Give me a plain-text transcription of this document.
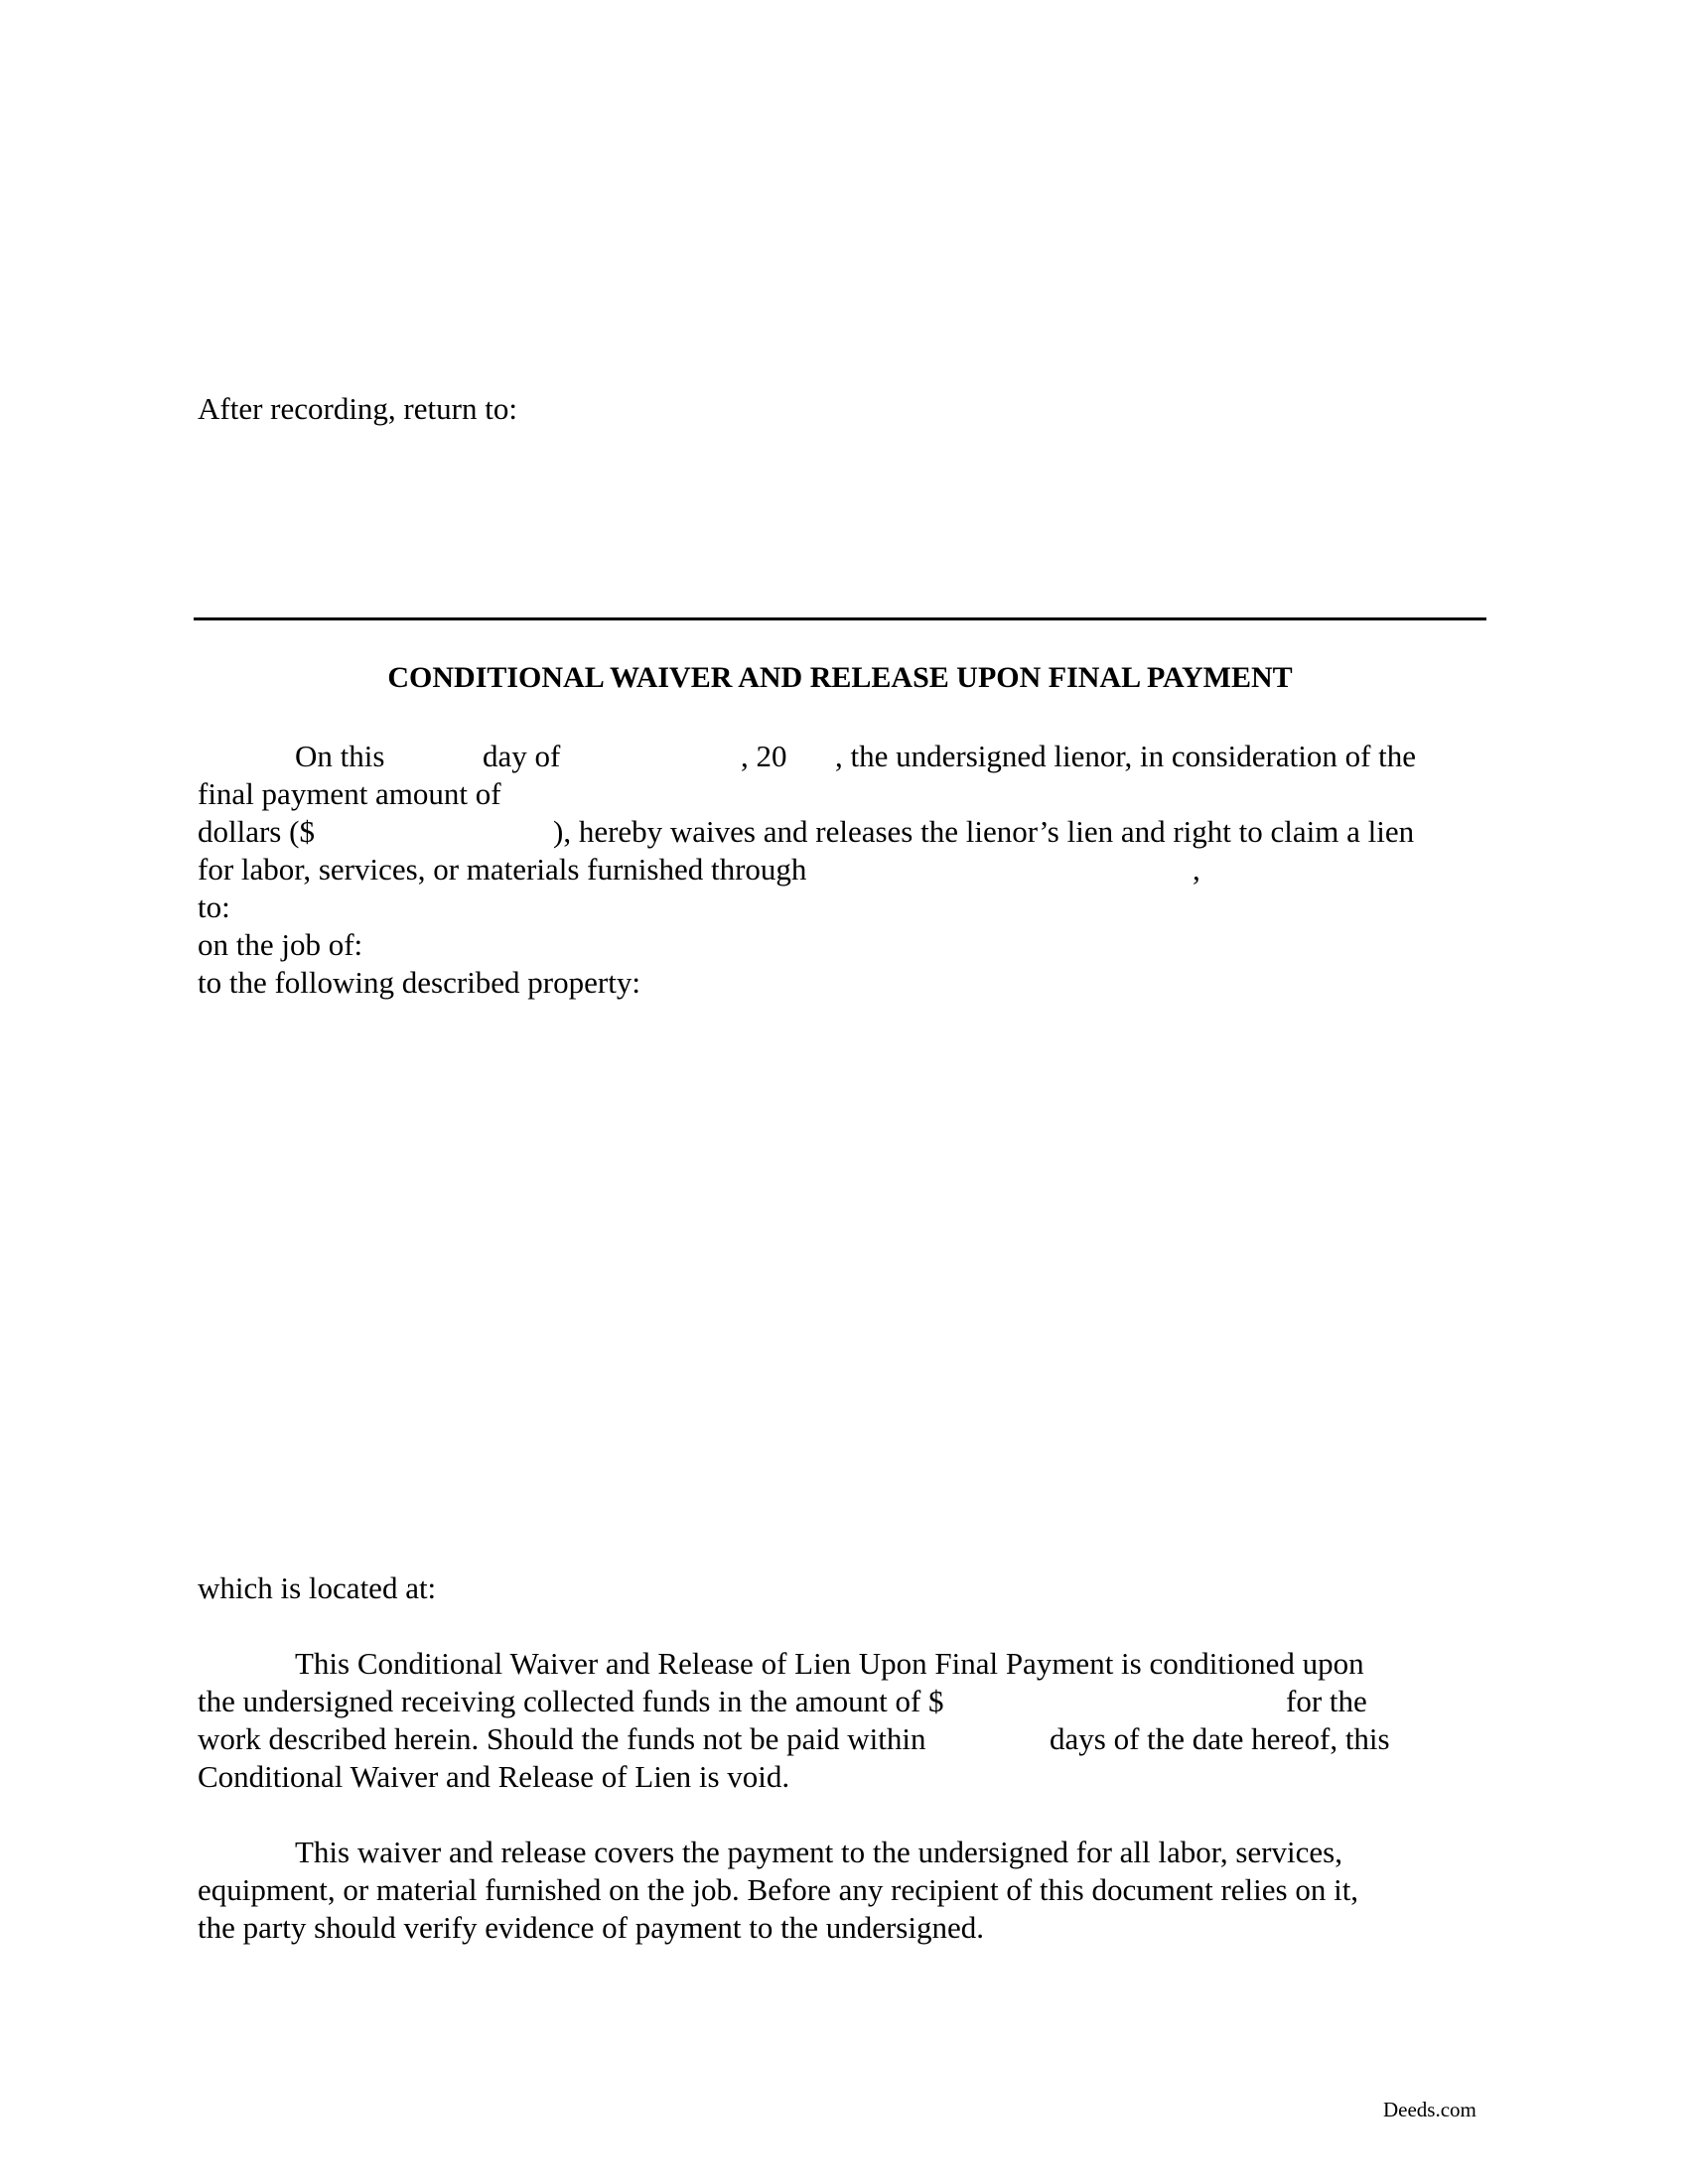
After recording, return to:

CONDITIONAL WAIVER AND RELEASE UPON FINAL PAYMENT
On this	day of	, 20 , the undersigned lienor, in consideration of the
final payment amount of
dollars ($	), hereby waives and releases the lienor’s lien and right to claim a lien
for labor, services, or materials furnished through	,
to:
on the job of:
to the following described property:
which is located at:
This Conditional Waiver and Release of Lien Upon Final Payment is conditioned upon
the undersigned receiving collected funds in the amount of $	for the
work described herein. Should the funds not be paid within	days of the date hereof, this
Conditional Waiver and Release of Lien is void.
This waiver and release covers the payment to the undersigned for all labor, services,
equipment, or material furnished on the job. Before any recipient of this document relies on it,
the party should verify evidence of payment to the undersigned.
Deeds.com
